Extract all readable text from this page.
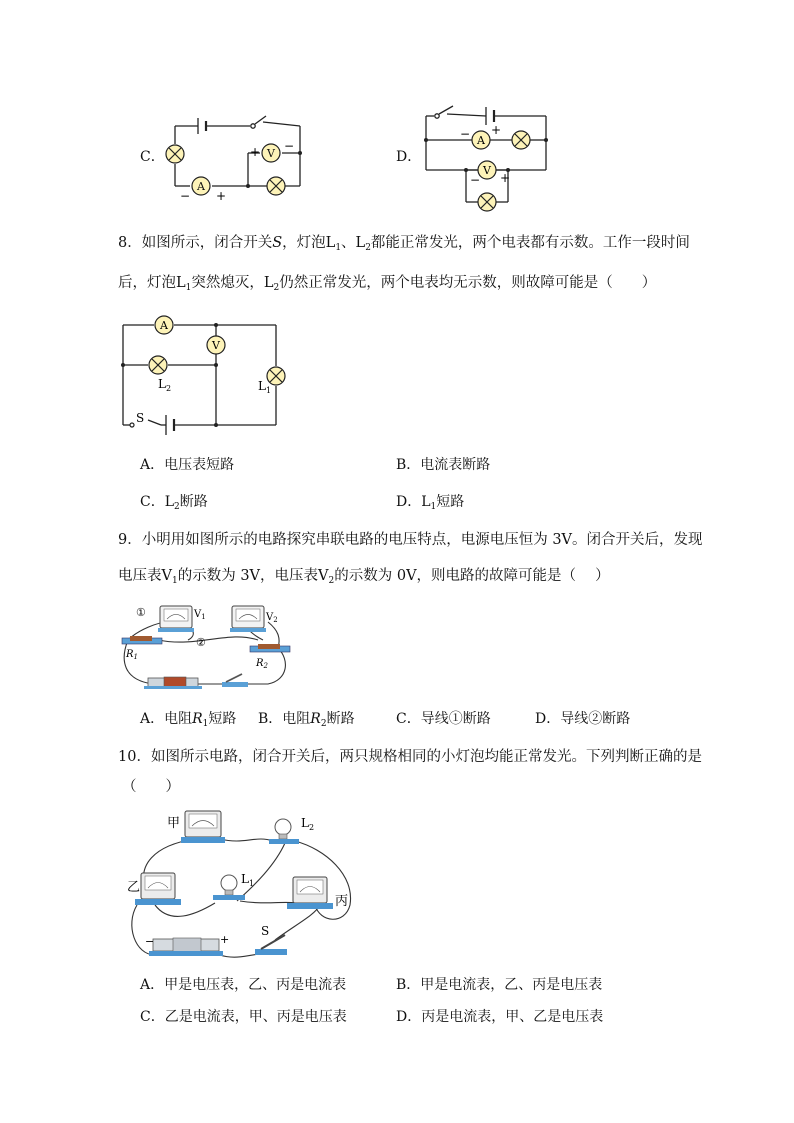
C．
A
V
− +
+ −
D．
A
V
− +
− +
8．如图所示，闭合开关S，灯泡$L_1$、$L_2$都能正常发光，两个电表都有示数。工作一段时间
后，灯泡$L_1$突然熄灭，$L_2$仍然正常发光，两个电表均无示数，则故障可能是（　　）
A
V
$L_2$	$L_1$
S
A．电压表短路	B．电流表断路
C．$L_2$断路	D．$L_1$短路
9．小明用如图所示的电路探究串联电路的电压特点，电源电压恒为 3V。闭合开关后，发现
电压表$V_1$的示数为 3V，电压表$V_2$的示数为 0V，则电路的故障可能是（　 ）
①
②
$V_1$	$V_2$
$R_1$
$R_2$
A．电阻$R_1$短路 B．电阻$R_2$断路	C．导线①断路	D．导线②断路
10．如图所示电路，闭合开关后，两只规格相同的小灯泡均能正常发光。下列判断正确的是
（　　）
甲
乙
丙
$L_2$
$L_1$
S
−	+
A．甲是电压表，乙、丙是电流表	B．甲是电流表，乙、丙是电压表
C．乙是电流表，甲、丙是电压表	D．丙是电流表，甲、乙是电压表
